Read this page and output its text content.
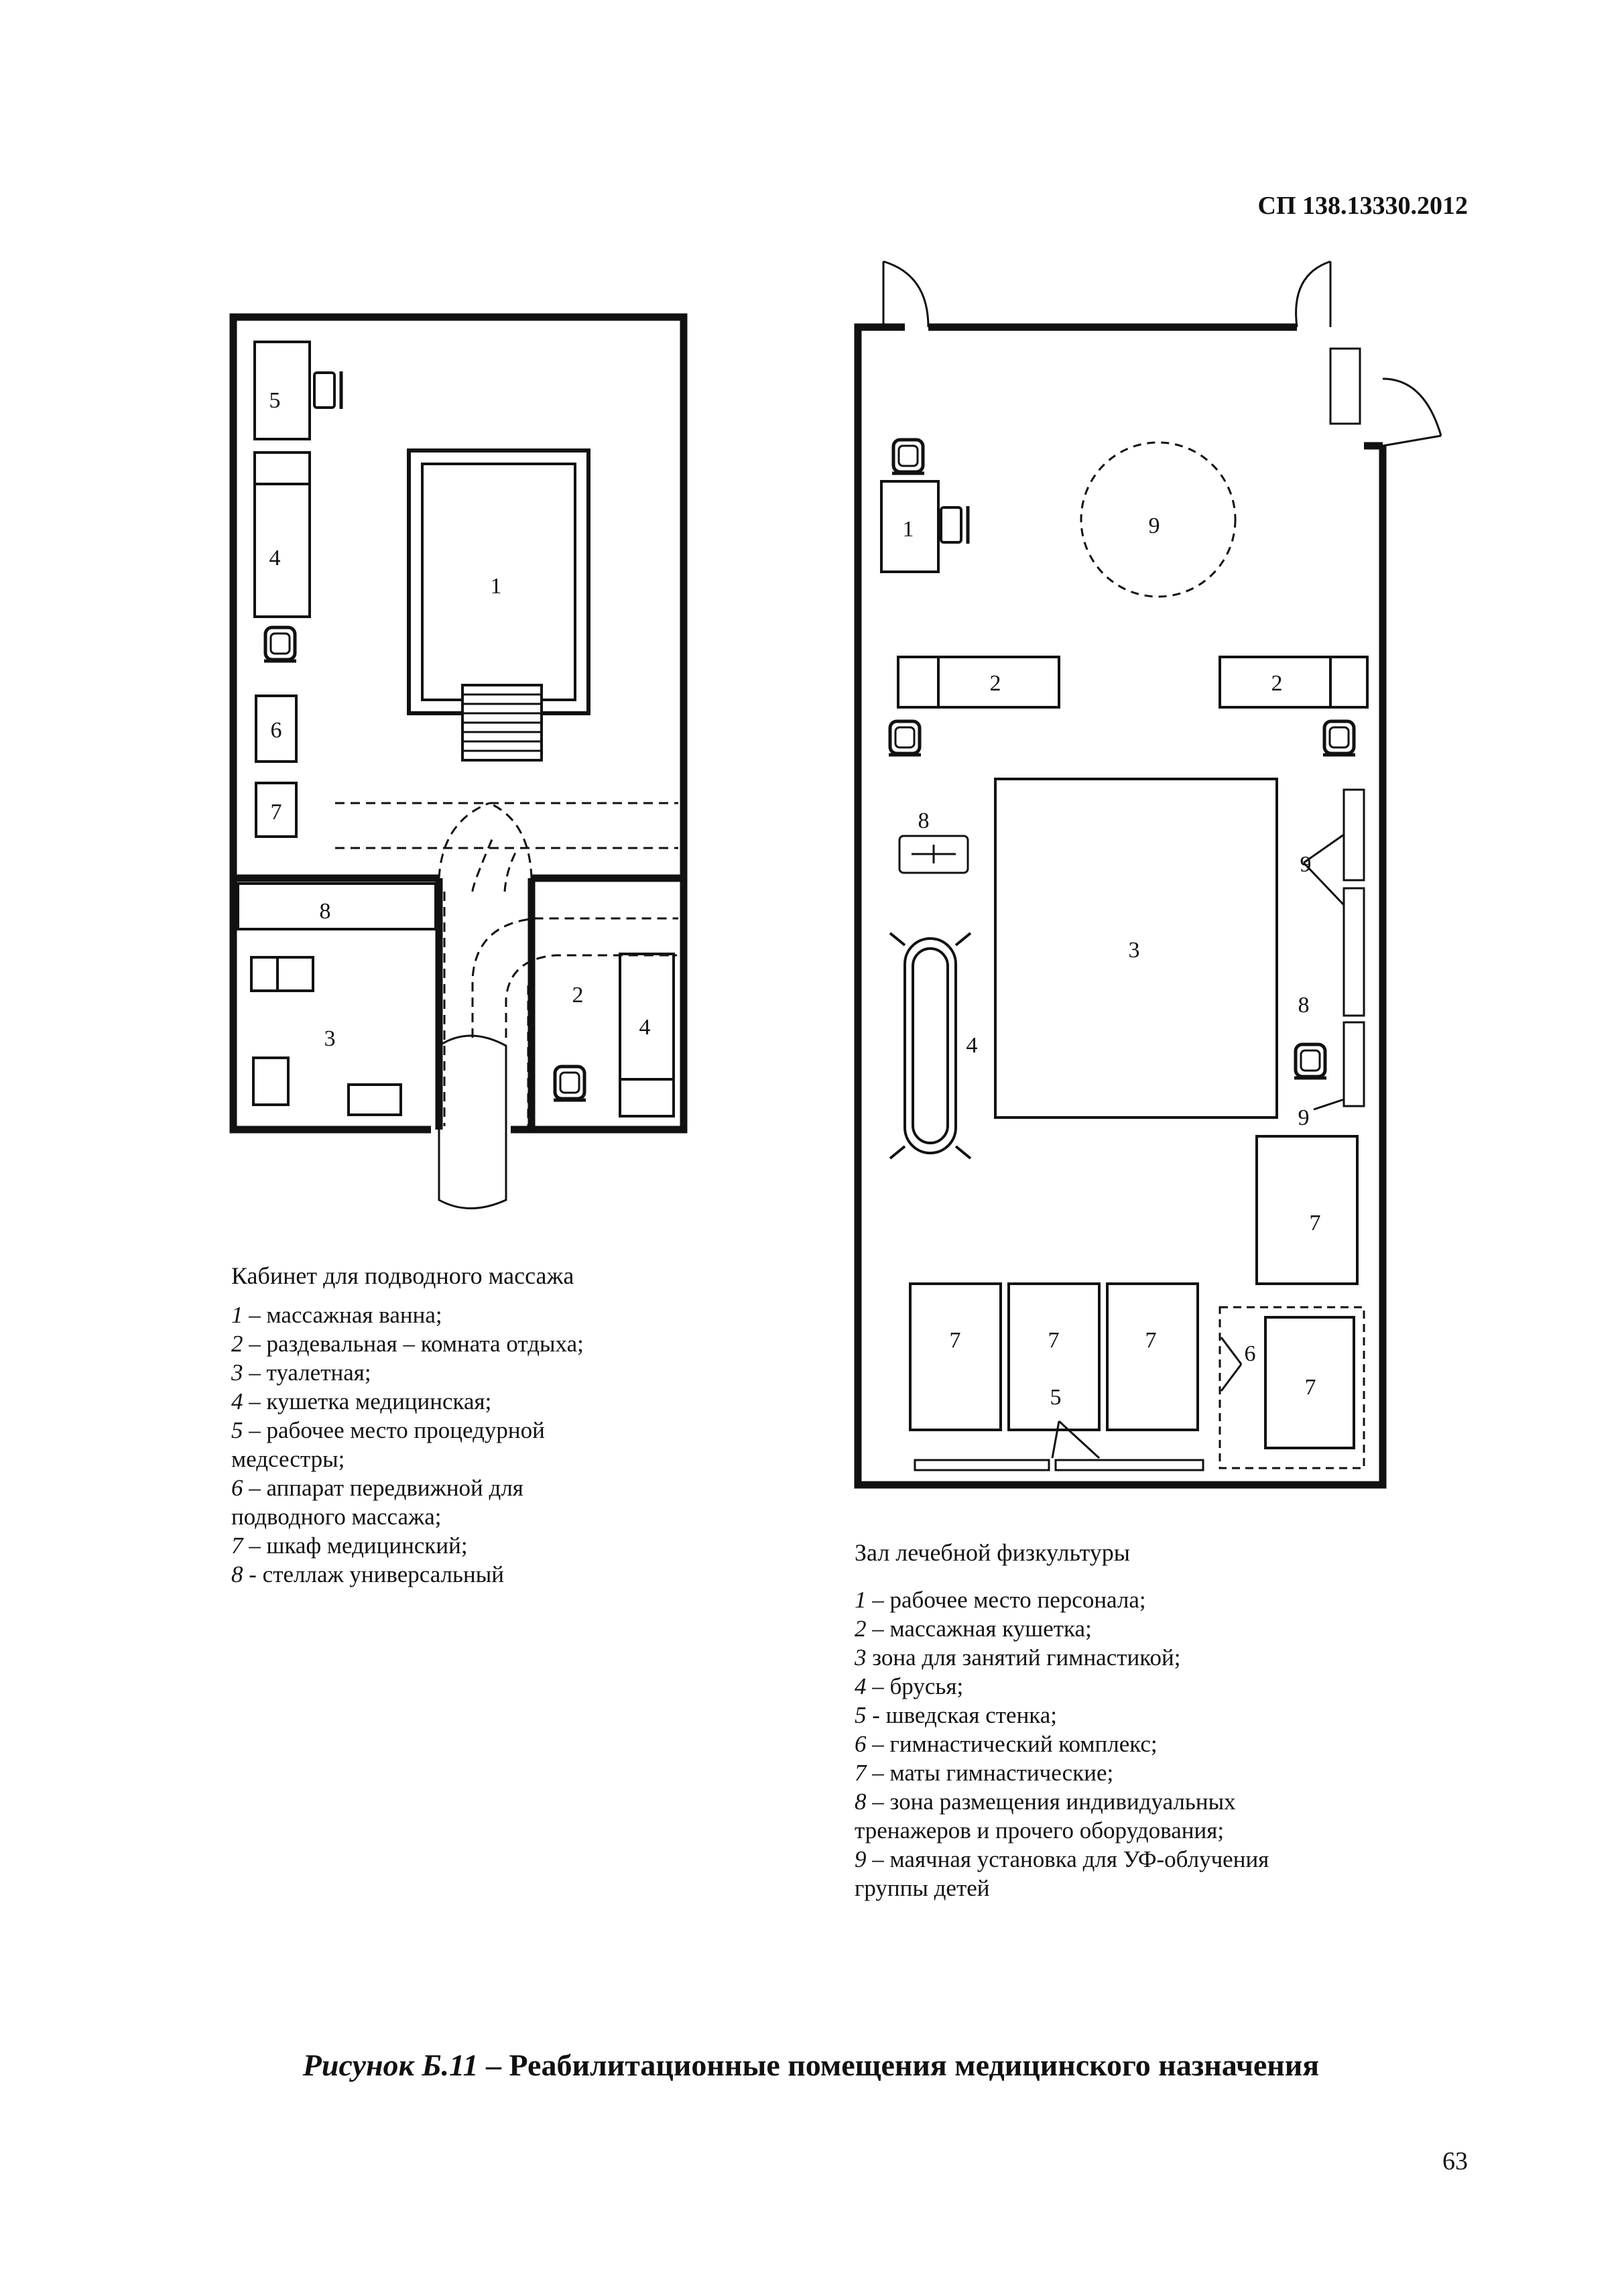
СП 138.13330.2012
1
2
3
4
4
5
6
7
8
1	9
2	2
8
3
9
4
8
9
7
7	7	7
6
7
5
Кабинет для подводного массажа
1 – массажная ванна;
2 – раздевальная – комната отдыха;
3 – туалетная;
4 – кушетка медицинская;
5 – рабочее место процедурной
медсестры;
6 – аппарат передвижной для
подводного массажа;
7 – шкаф медицинский;
8 - стеллаж универсальный
Зал лечебной физкультуры
1 – рабочее место персонала;
2 – массажная кушетка;
3 зона для занятий гимнастикой;
4 – брусья;
5 - шведская стенка;
6 – гимнастический комплекс;
7 – маты гимнастические;
8 – зона размещения индивидуальных
тренажеров и прочего оборудования;
9 – маячная установка для УФ-облучения
группы детей
Рисунок Б.11 – Реабилитационные помещения медицинского назначения
63
